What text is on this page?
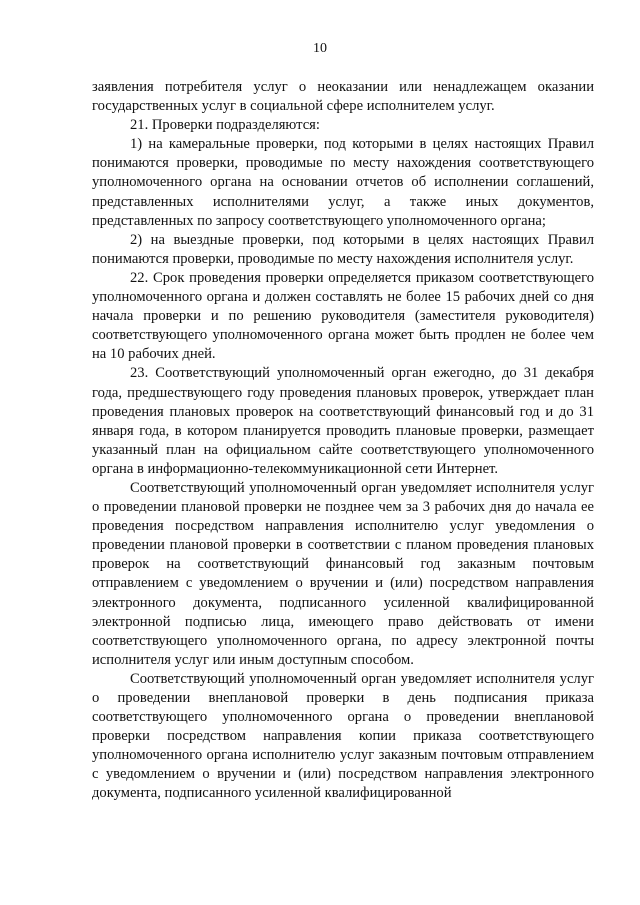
10

заявления потребителя услуг о неоказании или ненадлежащем оказании государственных услуг в социальной сфере исполнителем услуг.

21. Проверки подразделяются:

1) на камеральные проверки, под которыми в целях настоящих Правил понимаются проверки, проводимые по месту нахождения соответствующего уполномоченного органа на основании отчетов об исполнении соглашений, представленных исполнителями услуг, а также иных документов, представленных по запросу соответствующего уполномоченного органа;

2) на выездные проверки, под которыми в целях настоящих Правил понимаются проверки, проводимые по месту нахождения исполнителя услуг.

22. Срок проведения проверки определяется приказом соответствующего уполномоченного органа и должен составлять не более 15 рабочих дней со дня начала проверки и по решению руководителя (заместителя руководителя) соответствующего уполномоченного органа может быть продлен не более чем на 10 рабочих дней.

23. Соответствующий уполномоченный орган ежегодно, до 31 декабря года, предшествующего году проведения плановых проверок, утверждает план проведения плановых проверок на соответствующий финансовый год и до 31 января года, в котором планируется проводить плановые проверки, размещает указанный план на официальном сайте соответствующего уполномоченного органа в информационно-телекоммуникационной сети Интернет.

Соответствующий уполномоченный орган уведомляет исполнителя услуг о проведении плановой проверки не позднее чем за 3 рабочих дня до начала ее проведения посредством направления исполнителю услуг уведомления о проведении плановой проверки в соответствии с планом проведения плановых проверок на соответствующий финансовый год заказным почтовым отправлением с уведомлением о вручении и (или) посредством направления электронного документа, подписанного усиленной квалифицированной электронной подписью лица, имеющего право действовать от имени соответствующего уполномоченного органа, по адресу электронной почты исполнителя услуг или иным доступным способом.

Соответствующий уполномоченный орган уведомляет исполнителя услуг о проведении внеплановой проверки в день подписания приказа соответствующего уполномоченного органа о проведении внеплановой проверки посредством направления копии приказа соответствующего уполномоченного органа исполнителю услуг заказным почтовым отправлением с уведомлением о вручении и (или) посредством направления электронного документа, подписанного усиленной квалифицированной
